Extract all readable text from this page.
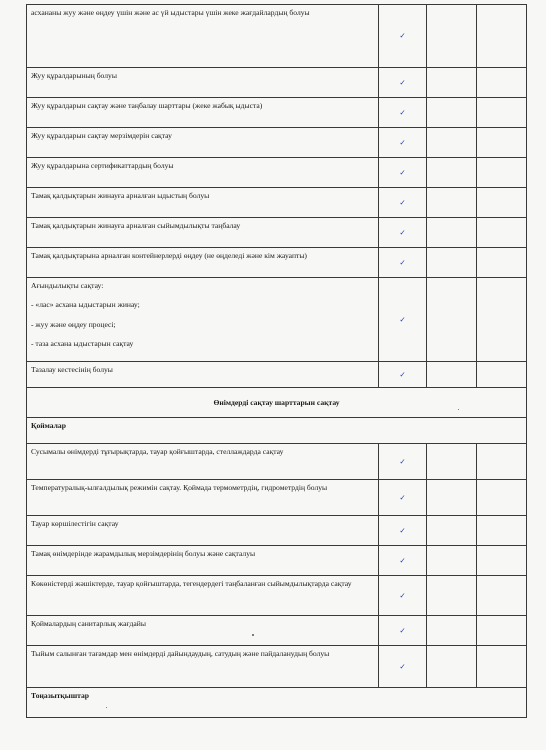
асхананы жуу және өңдеу үшін және ас үй ыдыстары үшін жеке жағдайлардың болуы	✓		
Жуу құралдарының болуы	✓		
Жуу құралдарын сақтау және таңбалау шарттары (жеке жабық ыдыста)	✓		
Жуу құралдарын сақтау мерзімдерін сақтау	✓		
Жуу құралдарына сертификаттардың болуы	✓		
Тамақ қалдықтарын жинауға арналған ыдыстың болуы	✓		
Тамақ қалдықтарын жинауға арналған сыйымдылықты таңбалау	✓		
Тамақ қалдықтарына арналған контейнерлерді өңдеу (не өңделеді және кім жауапты)	✓		

Ағындылықты сақтау:
- «лас» асхана ыдыстарын жинау;
- жуу және өңдеу процесі;
- таза асхана ыдыстарын сақтау	✓		
Тазалау кестесінің болуы	✓		
Өнімдерді сақтау шарттарын сақтау			
Қоймалар			
Сусымалы өнімдерді тұғырықтарда, тауар қойғыштарда, стеллаждарда сақтау	✓		
Температуралық-ылғалдылық режимін сақтау. Қоймада термометрдің, гидрометрдің болуы	✓		
Тауар көршілестігін сақтау	✓		
Тамақ өнімдерінде жарамдылық мерзімдерінің болуы және сақталуы	✓		
Көкөністерді жәшіктерде, тауар қойғыштарда, тегендердегі таңбаланған сыйымдылықтарда сақтау	✓		
Қоймалардың санитарлық жағдайы	✓		
Тыйым салынған тағамдар мен өнімдерді дайындаудың, сатудың және пайдаланудың болуы	✓		
Тоңазытқыштар			
